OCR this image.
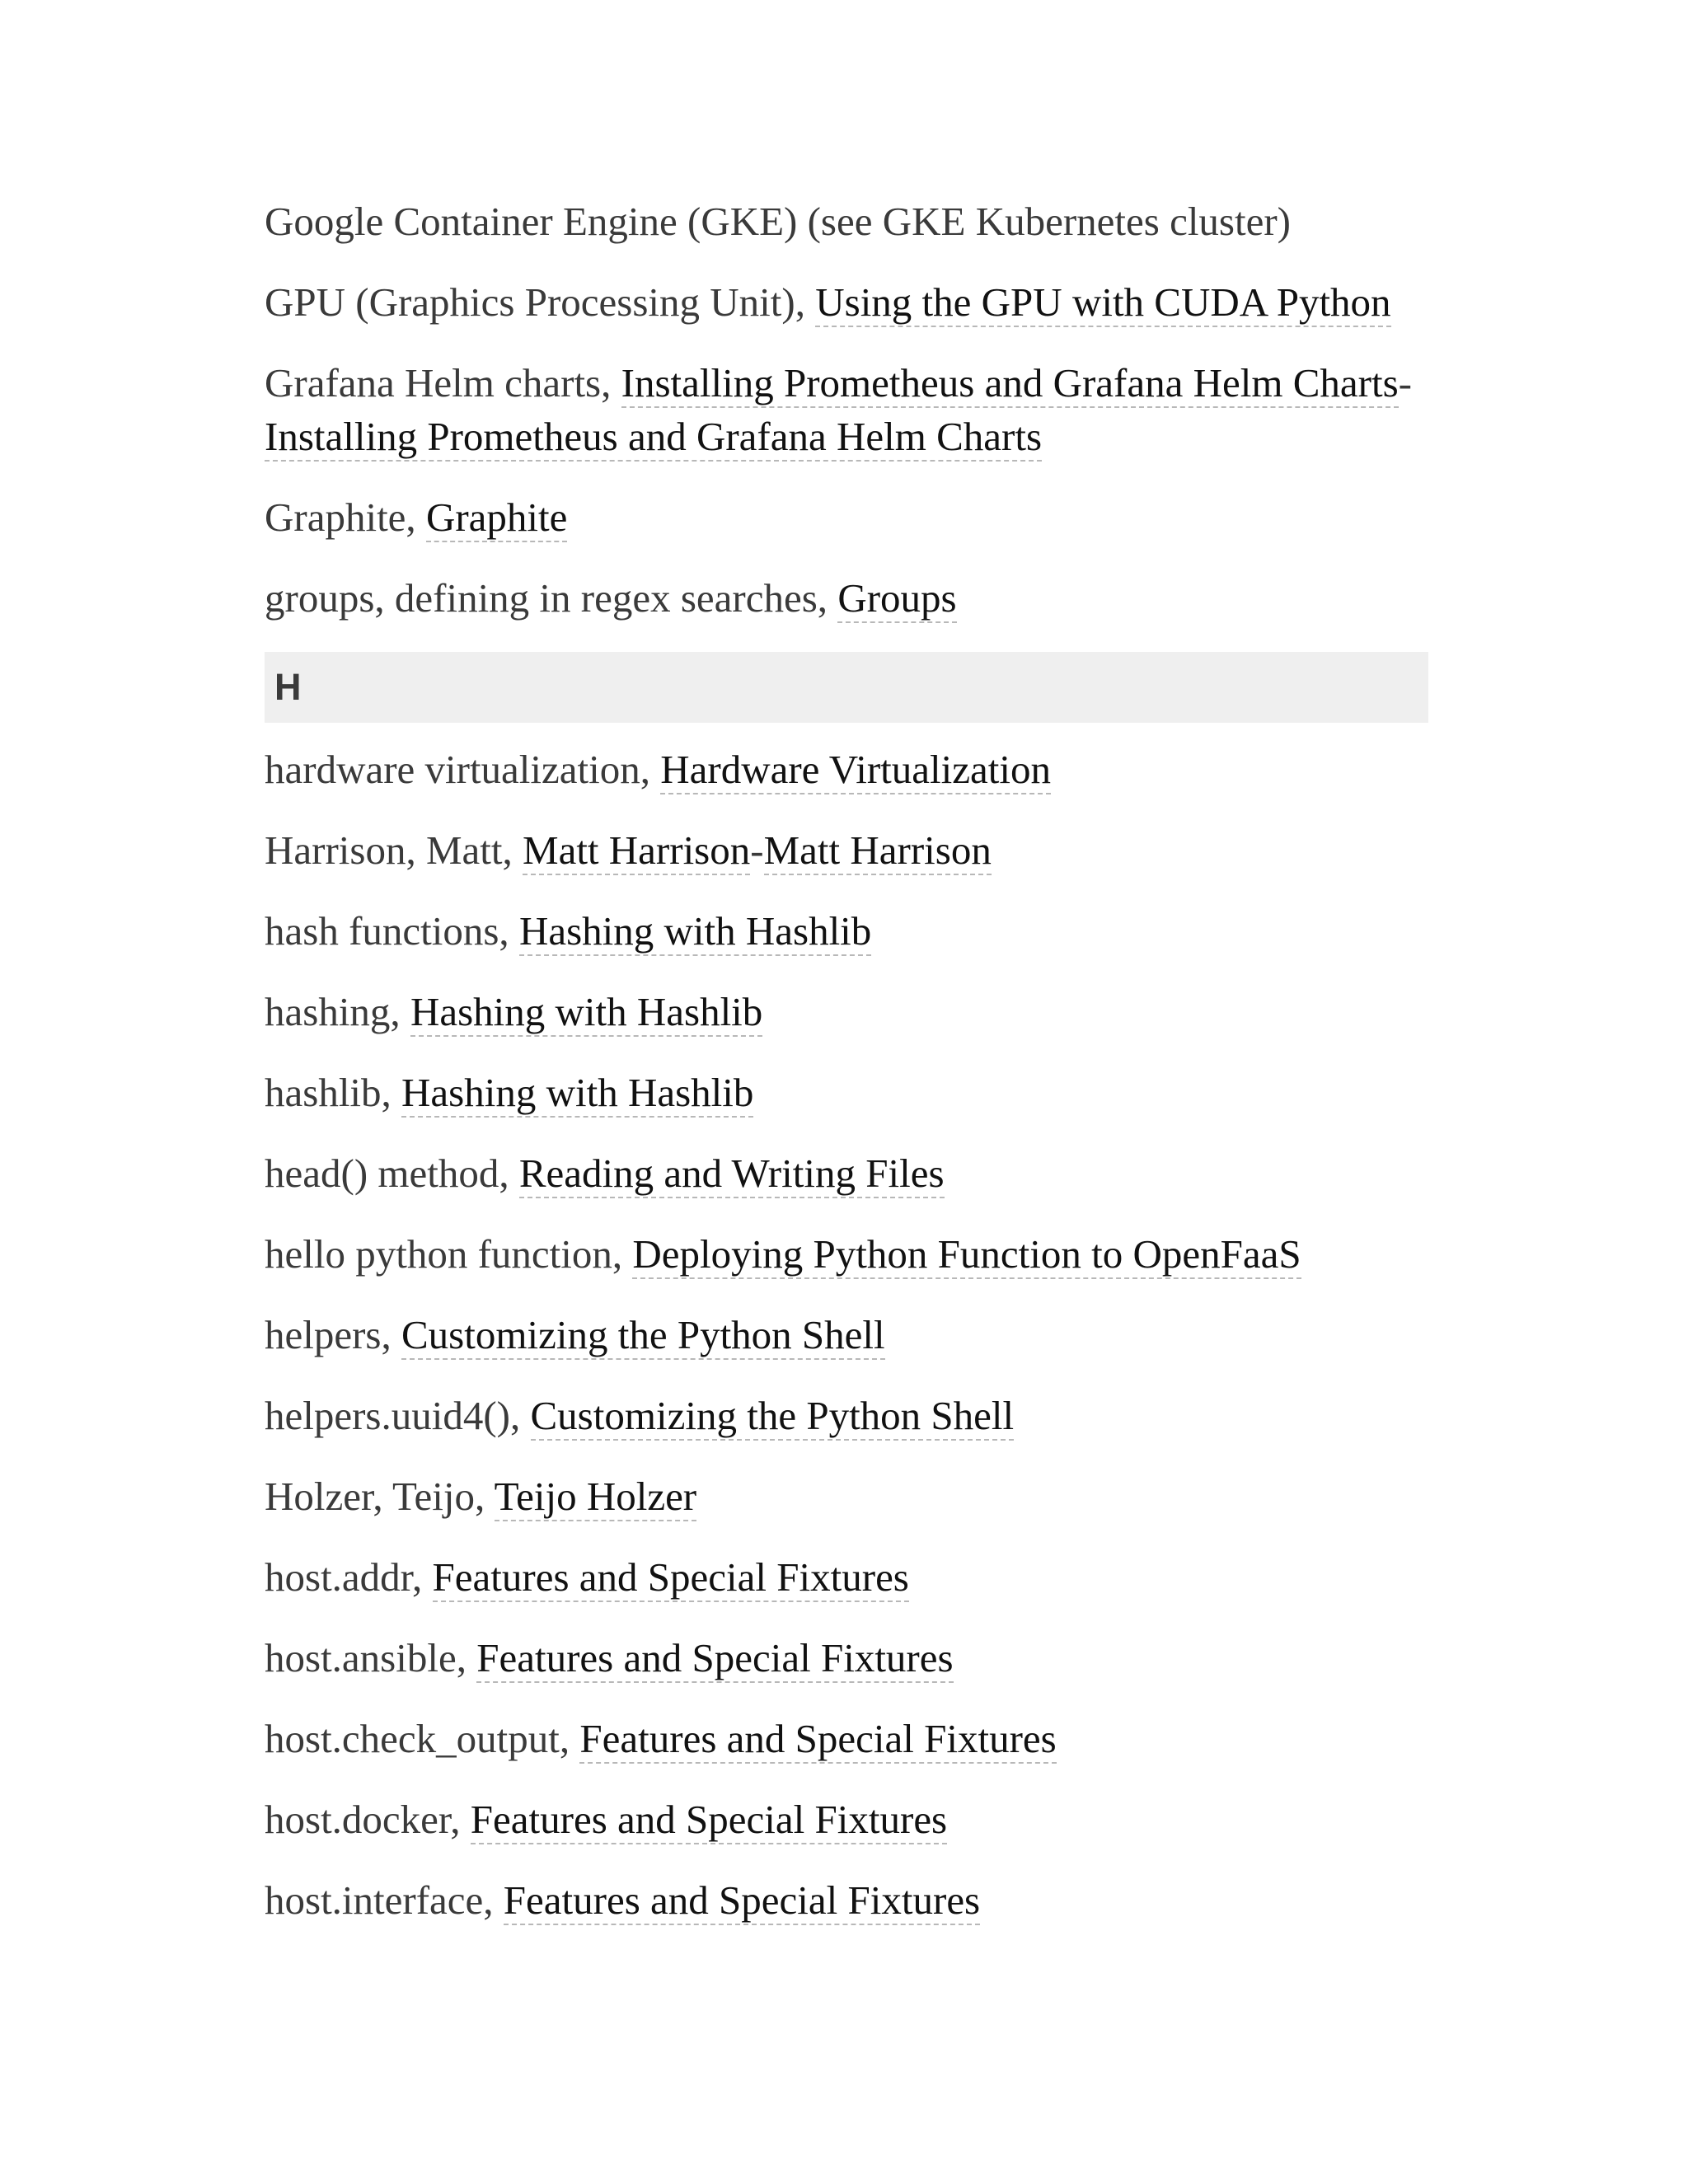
Google Container Engine (GKE) (see GKE Kubernetes cluster)
GPU (Graphics Processing Unit), Using the GPU with CUDA Python
Grafana Helm charts, Installing Prometheus and Grafana Helm Charts-Installing Prometheus and Grafana Helm Charts
Graphite, Graphite
groups, defining in regex searches, Groups
H
hardware virtualization, Hardware Virtualization
Harrison, Matt, Matt Harrison-Matt Harrison
hash functions, Hashing with Hashlib
hashing, Hashing with Hashlib
hashlib, Hashing with Hashlib
head() method, Reading and Writing Files
hello python function, Deploying Python Function to OpenFaaS
helpers, Customizing the Python Shell
helpers.uuid4(), Customizing the Python Shell
Holzer, Teijo, Teijo Holzer
host.addr, Features and Special Fixtures
host.ansible, Features and Special Fixtures
host.check_output, Features and Special Fixtures
host.docker, Features and Special Fixtures
host.interface, Features and Special Fixtures
